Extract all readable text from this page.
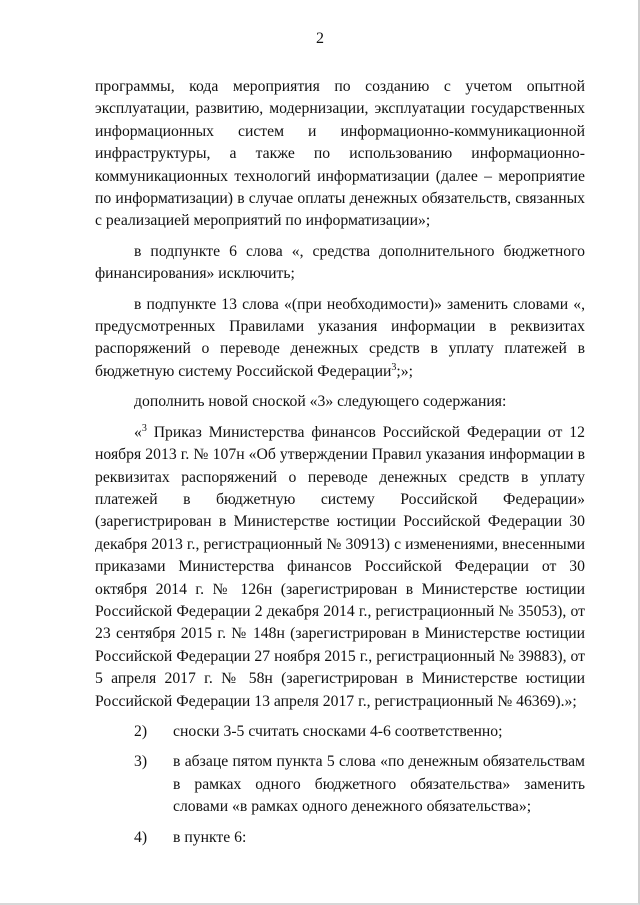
2

программы, кода мероприятия по созданию с учетом опытной эксплуатации, развитию, модернизации, эксплуатации государственных информационных систем и информационно-коммуникационной инфраструктуры, а также по использованию информационно-коммуникационных технологий информатизации (далее – мероприятие по информатизации) в случае оплаты денежных обязательств, связанных с реализацией мероприятий по информатизации»;

в подпункте 6 слова «, средства дополнительного бюджетного финансирования» исключить;

в подпункте 13 слова «(при необходимости)» заменить словами «, предусмотренных Правилами указания информации в реквизитах распоряжений о переводе денежных средств в уплату платежей в бюджетную систему Российской Федерации$^3$;»;

дополнить новой сноской «3» следующего содержания:

«$^3$ Приказ Министерства финансов Российской Федерации от 12 ноября 2013 г. № 107н «Об утверждении Правил указания информации в реквизитах распоряжений о переводе денежных средств в уплату платежей в бюджетную систему Российской Федерации» (зарегистрирован в Министерстве юстиции Российской Федерации 30 декабря 2013 г., регистрационный № 30913) с изменениями, внесенными приказами Министерства финансов Российской Федерации от 30 октября 2014 г. № 126н (зарегистрирован в Министерстве юстиции Российской Федерации 2 декабря 2014 г., регистрационный № 35053), от 23 сентября 2015 г. № 148н (зарегистрирован в Министерстве юстиции Российской Федерации 27 ноября 2015 г., регистрационный № 39883), от 5 апреля 2017 г. № 58н (зарегистрирован в Министерстве юстиции Российской Федерации 13 апреля 2017 г., регистрационный № 46369).»;

2)	сноски 3-5 считать сносками 4-6 соответственно;
3)	в абзаце пятом пункта 5 слова «по денежным обязательствам в рамках одного бюджетного обязательства» заменить словами «в рамках одного денежного обязательства»;
4)	в пункте 6:
